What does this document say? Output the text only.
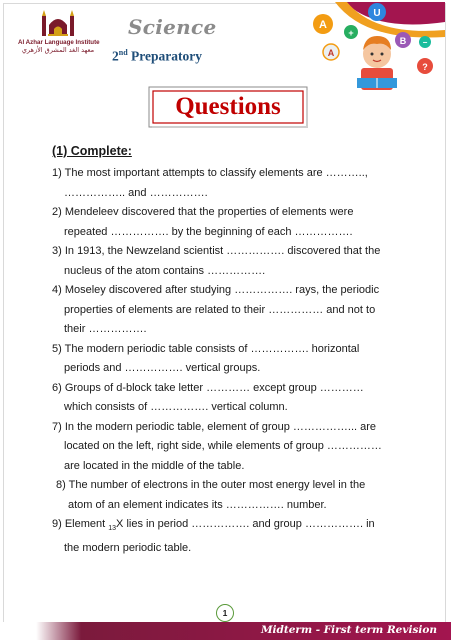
Al Azhar Language Institute
معهد الغد المشرق الأزهري
Science
2nd Preparatory
A
U
A
B
?
+
−
Questions
(1) Complete:
1) The most important attempts to classify elements are ………..,
…………….. and …………….
2) Mendeleev discovered that the properties of elements were
repeated ……………. by the beginning of each …………….
3) In 1913, the Newzeland scientist ……………. discovered that the
nucleus of the atom contains …………….
4) Moseley discovered after studying ……………. rays, the periodic
properties of elements are related to their …………… and not to
their …………….
5) The modern periodic table consists of ……………. horizontal
periods and ……………. vertical groups.
6) Groups of d-block take letter ………… except group …………
which consists of ……………. vertical column.
7) In the modern periodic table, element of group ……………... are
located on the left, right side, while elements of group ……………
are located in the middle of the table.
8) The number of electrons in the outer most energy level in the
atom of an element indicates its ……………. number.
9) Element $_{13}$X lies in period ……………. and group ……………. in
the modern periodic table.
1
Midterm - First term Revision
